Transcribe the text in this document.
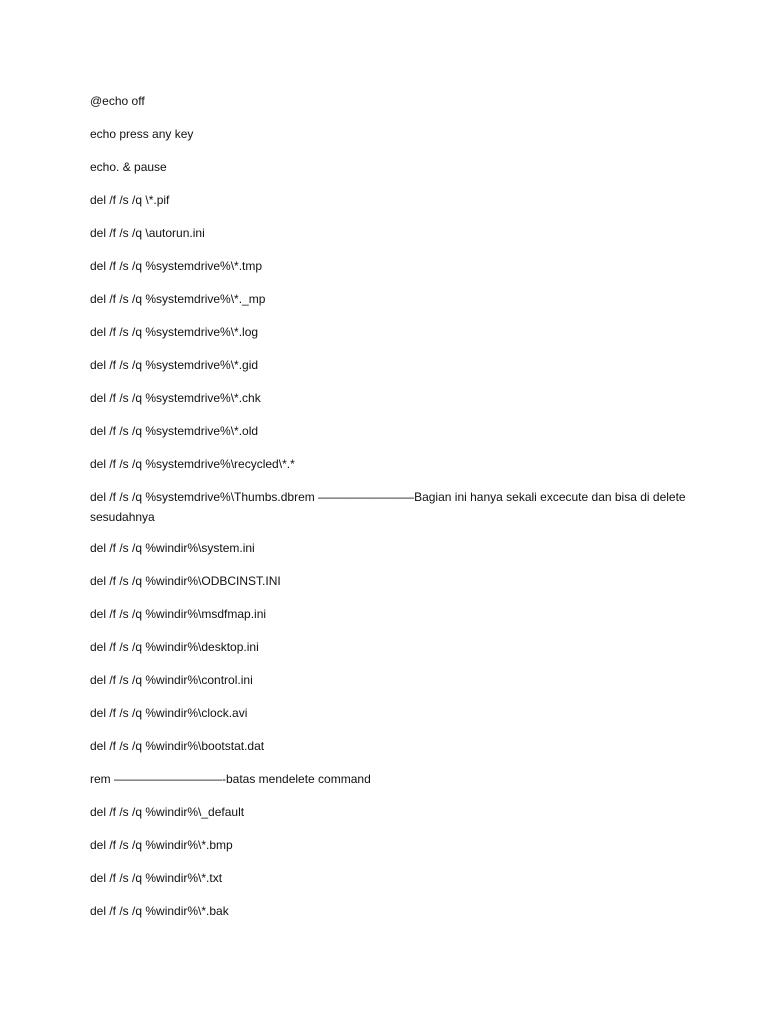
@echo off
echo press any key
echo. & pause
del /f /s /q \*.pif
del /f /s /q \autorun.ini
del /f /s /q %systemdrive%\*.tmp
del /f /s /q %systemdrive%\*._mp
del /f /s /q %systemdrive%\*.log
del /f /s /q %systemdrive%\*.gid
del /f /s /q %systemdrive%\*.chk
del /f /s /q %systemdrive%\*.old
del /f /s /q %systemdrive%\recycled\*.*
del /f /s /q %systemdrive%\Thumbs.dbrem ————————Bagian ini hanya sekali excecute dan bisa di delete sesudahnya
del /f /s /q %windir%\system.ini
del /f /s /q %windir%\ODBCINST.INI
del /f /s /q %windir%\msdfmap.ini
del /f /s /q %windir%\desktop.ini
del /f /s /q %windir%\control.ini
del /f /s /q %windir%\clock.avi
del /f /s /q %windir%\bootstat.dat
rem —————————-batas mendelete command
del /f /s /q %windir%\_default
del /f /s /q %windir%\*.bmp
del /f /s /q %windir%\*.txt
del /f /s /q %windir%\*.bak
